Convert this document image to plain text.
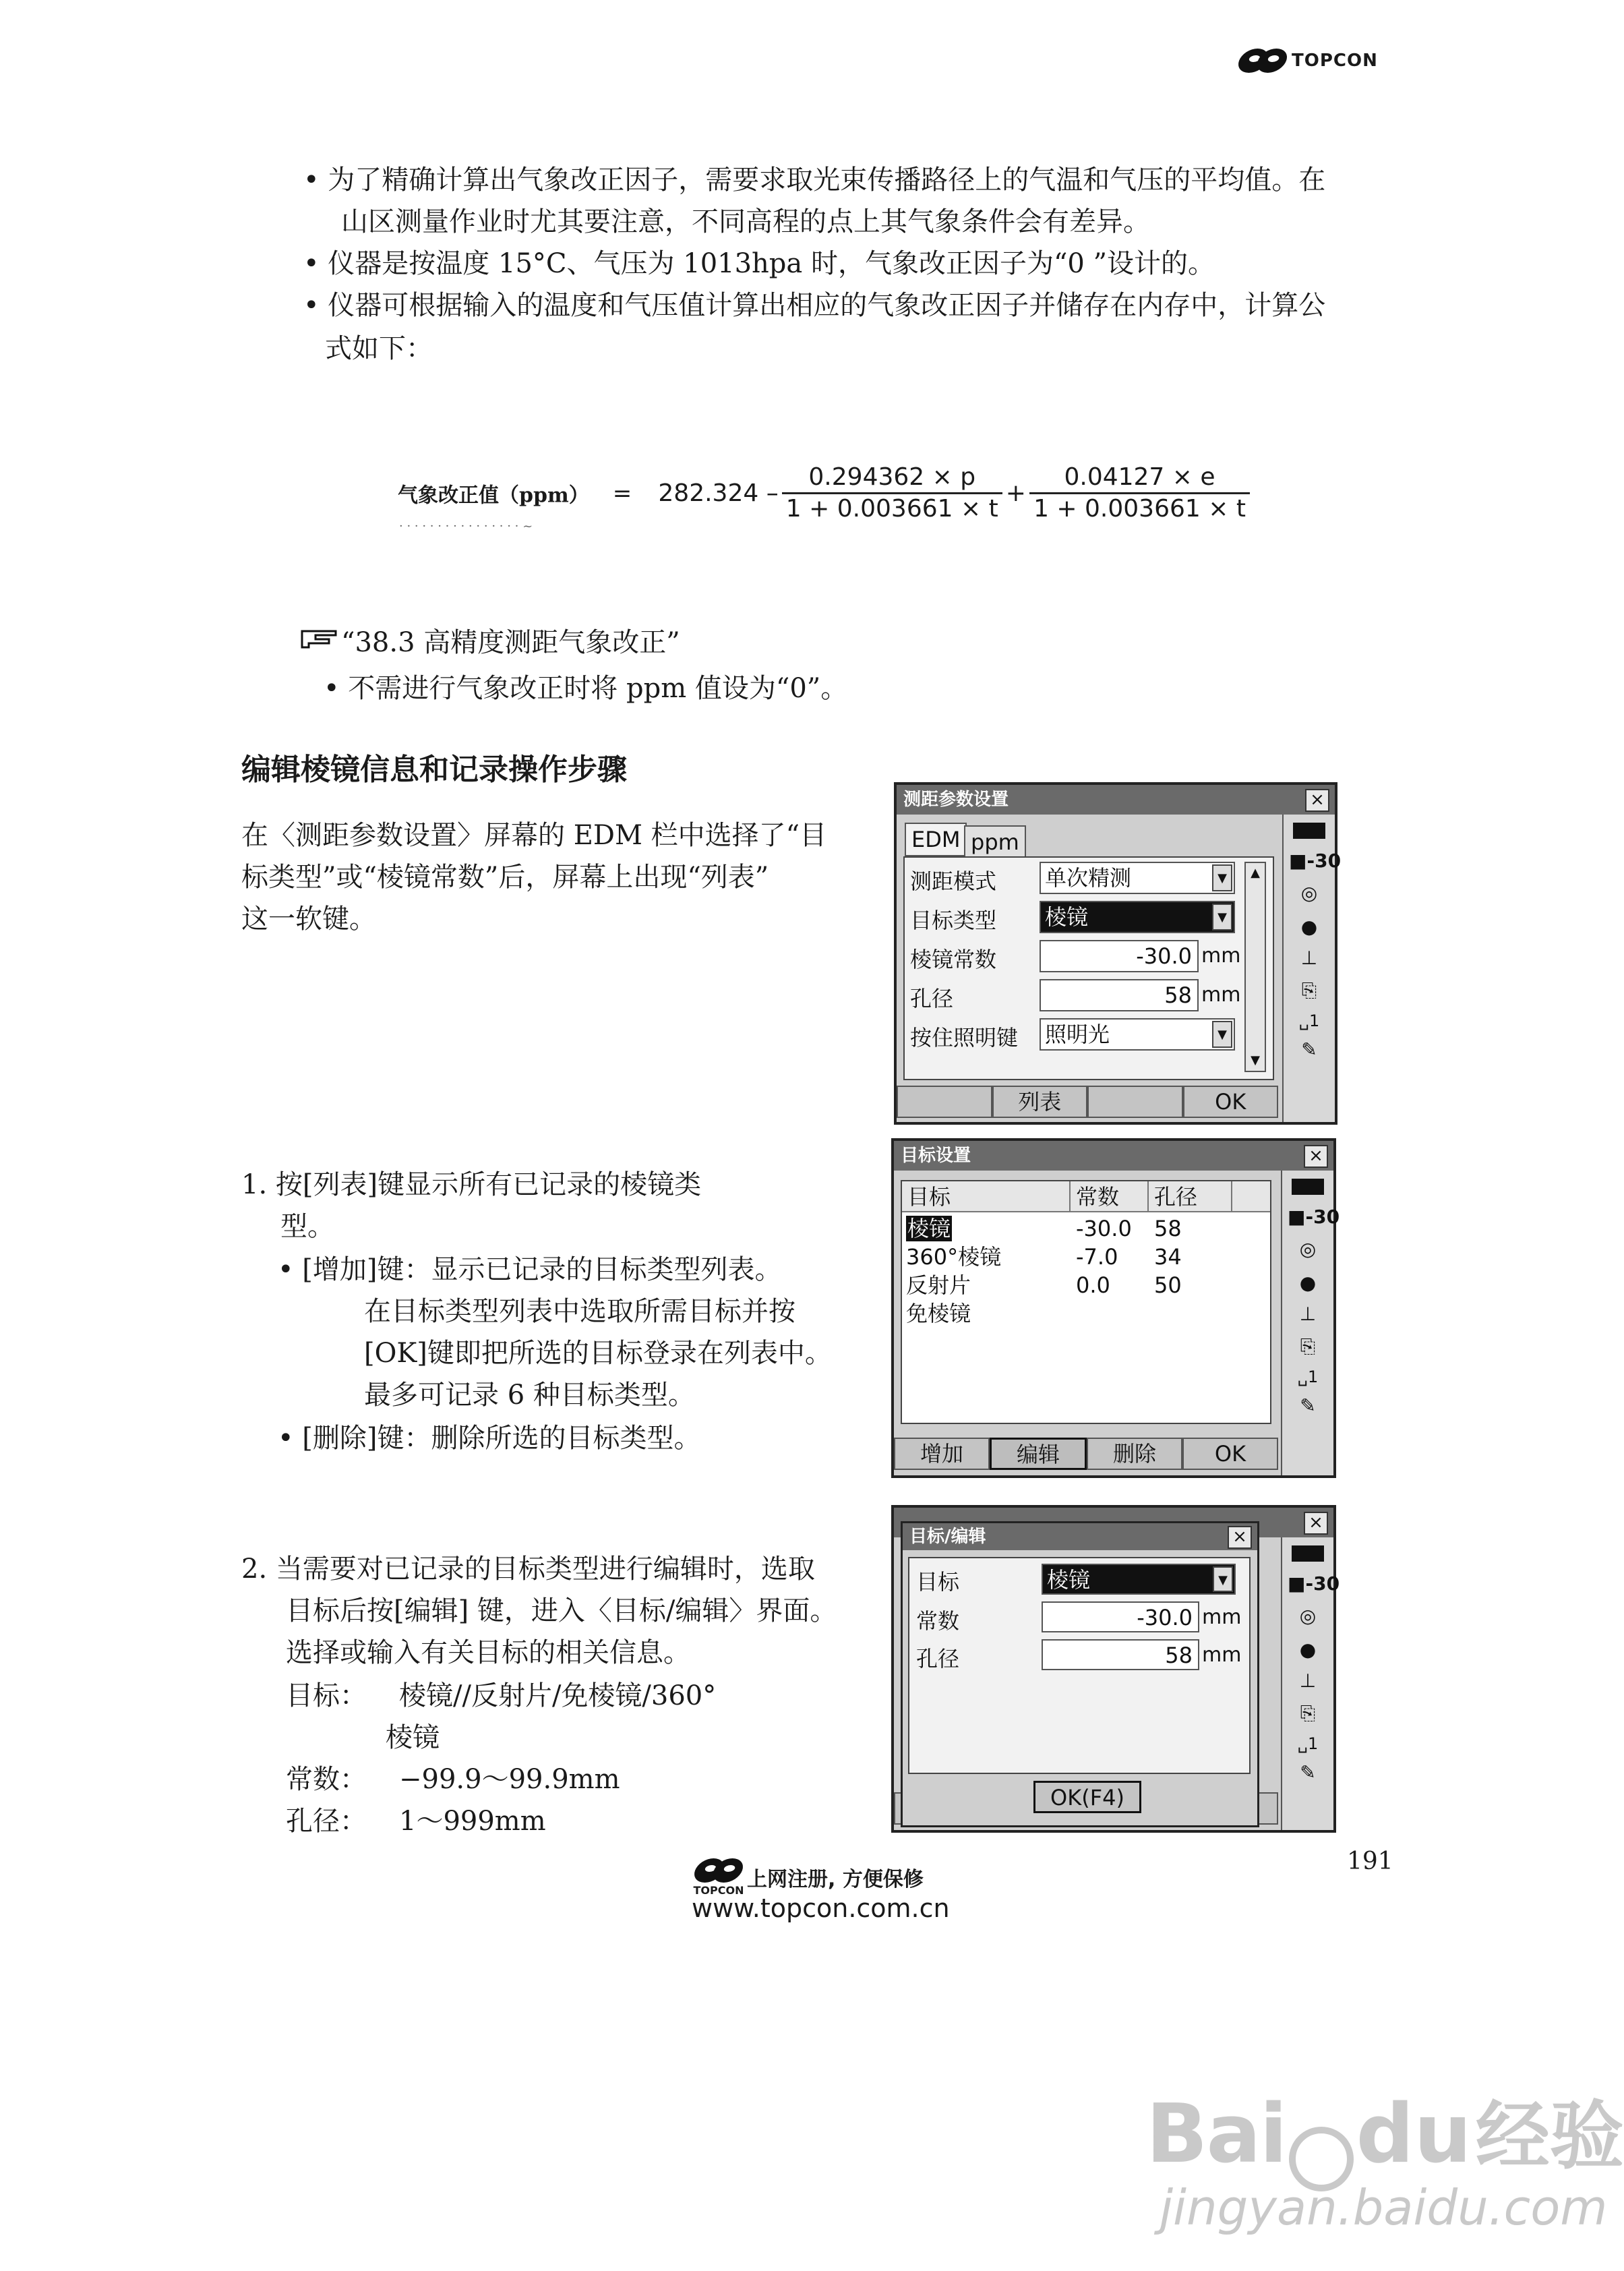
TOPCON
• 为了精确计算出气象改正因子，需要求取光束传播路径上的气温和气压的平均值。在
山区测量作业时尤其要注意，不同高程的点上其气象条件会有差异。
• 仪器是按温度 15°C、气压为 1013hpa 时，气象改正因子为“0 ”设计的。
• 仪器可根据输入的温度和气压值计算出相应的气象改正因子并储存在内存中，计算公
式如下：
气象改正值$(ppm) = 282.324 - \frac{0.294362 \times p}{1 + 0.003661 \times t} + \frac{0.04127 \times e}{1 + 0.003661 \times t}$
· · · · · · · · · · · · · · · · ~
“38.3 高精度测距气象改正”
• 不需进行气象改正时将 ppm 值设为“0”。
编辑棱镜信息和记录操作步骤
在〈测距参数设置〉屏幕的 EDM 栏中选择了“目
标类型”或“棱镜常数”后，屏幕上出现“列表”
这一软键。
1. 按[列表]键显示所有已记录的棱镜类
型。
• [增加]键：显示已记录的目标类型列表。
在目标类型列表中选取所需目标并按
[OK]键即把所选的目标登录在列表中。
最多可记录 6 种目标类型。
• [删除]键：删除所选的目标类型。
2. 当需要对已记录的目标类型进行编辑时，选取
目标后按[编辑] 键，进入〈目标/编辑〉界面。
选择或输入有关目标的相关信息。
目标： 棱镜//反射片/免棱镜/360°
棱镜
常数： −99.9～99.9mm
孔径： 1～999mm
测距参数设置	×
EDM ppm
测距模式 单次精测	▼
目标类型 棱镜	▼
棱镜常数	-30.0 mm
孔径	58 mm
按住照明键 照明光	▼
▲
▼
列表	OK
■-30
◎
●
⊥
⎘
␣1
✎
目标设置	×
目标	常数	孔径
棱镜	-30.0 58
360°棱镜	-7.0 34
反射片	0.0 50
免棱镜
增加	编辑	删除	OK
■-30
◎
●
⊥
⎘
␣1
✎
×
■-30
◎
●
⊥
⎘
␣1
✎
目标/编辑	×
目标	棱镜	▼
常数	-30.0 mm
孔径	58 mm
OK(F4)
191
TOPCON 上网注册, 方便保修
www.topcon.com.cn
Bai du经验
jingyan.baidu.com
